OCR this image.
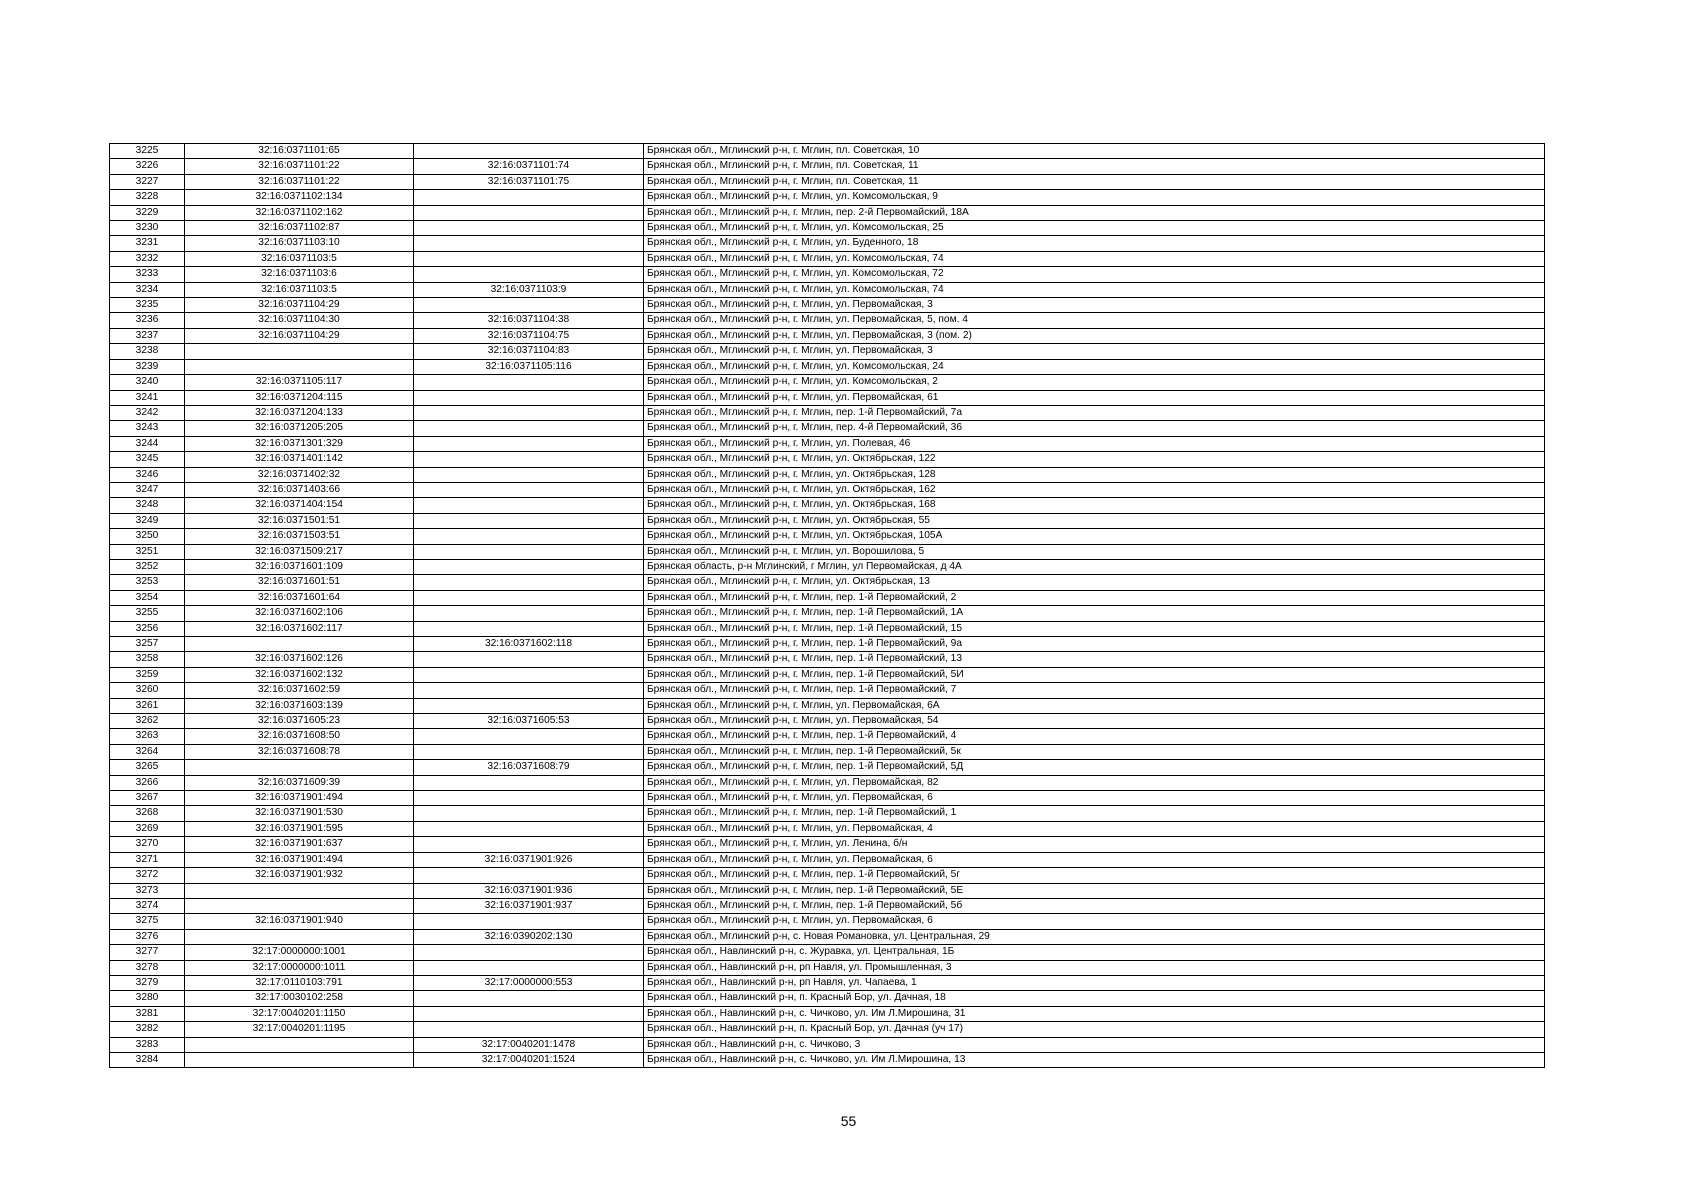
3225	32:16:0371101:65		Брянская обл., Мглинский р-н, г. Мглин, пл. Советская, 10
3226	32:16:0371101:22	32:16:0371101:74	Брянская обл., Мглинский р-н, г. Мглин, пл. Советская, 11
3227	32:16:0371101:22	32:16:0371101:75	Брянская обл., Мглинский р-н, г. Мглин, пл. Советская, 11
3228	32:16:0371102:134		Брянская обл., Мглинский р-н, г. Мглин, ул. Комсомольская, 9
3229	32:16:0371102:162		Брянская обл., Мглинский р-н, г. Мглин, пер. 2-й Первомайский, 18А
3230	32:16:0371102:87		Брянская обл., Мглинский р-н, г. Мглин, ул. Комсомольская, 25
3231	32:16:0371103:10		Брянская обл., Мглинский р-н, г. Мглин, ул. Буденного, 18
3232	32:16:0371103:5		Брянская обл., Мглинский р-н, г. Мглин, ул. Комсомольская, 74
3233	32:16:0371103:6		Брянская обл., Мглинский р-н, г. Мглин, ул. Комсомольская, 72
3234	32:16:0371103:5	32:16:0371103:9	Брянская обл., Мглинский р-н, г. Мглин, ул. Комсомольская, 74
3235	32:16:0371104:29		Брянская обл., Мглинский р-н, г. Мглин, ул. Первомайская, 3
3236	32:16:0371104:30	32:16:0371104:38	Брянская обл., Мглинский р-н, г. Мглин, ул. Первомайская, 5, пом. 4
3237	32:16:0371104:29	32:16:0371104:75	Брянская обл., Мглинский р-н, г. Мглин, ул. Первомайская, 3 (пом. 2)
3238		32:16:0371104:83	Брянская обл., Мглинский р-н, г. Мглин, ул. Первомайская, 3
3239		32:16:0371105:116	Брянская обл., Мглинский р-н, г. Мглин, ул. Комсомольская, 24
3240	32:16:0371105:117		Брянская обл., Мглинский р-н, г. Мглин, ул. Комсомольская, 2
3241	32:16:0371204:115		Брянская обл., Мглинский р-н, г. Мглин, ул. Первомайская, 61
3242	32:16:0371204:133		Брянская обл., Мглинский р-н, г. Мглин, пер. 1-й Первомайский, 7а
3243	32:16:0371205:205		Брянская обл., Мглинский р-н, г. Мглин, пер. 4-й Первомайский, 36
3244	32:16:0371301:329		Брянская обл., Мглинский р-н, г. Мглин, ул. Полевая, 46
3245	32:16:0371401:142		Брянская обл., Мглинский р-н, г. Мглин, ул. Октябрьская, 122
3246	32:16:0371402:32		Брянская обл., Мглинский р-н, г. Мглин, ул. Октябрьская, 128
3247	32:16:0371403:66		Брянская обл., Мглинский р-н, г. Мглин, ул. Октябрьская, 162
3248	32:16:0371404:154		Брянская обл., Мглинский р-н, г. Мглин, ул. Октябрьская, 168
3249	32:16:0371501:51		Брянская обл., Мглинский р-н, г. Мглин, ул. Октябрьская, 55
3250	32:16:0371503:51		Брянская обл., Мглинский р-н, г. Мглин, ул. Октябрьская, 105А
3251	32:16:0371509:217		Брянская обл., Мглинский р-н, г. Мглин, ул. Ворошилова, 5
3252	32:16:0371601:109		Брянская область, р-н Мглинский, г Мглин, ул Первомайская, д 4А
3253	32:16:0371601:51		Брянская обл., Мглинский р-н, г. Мглин, ул. Октябрьская, 13
3254	32:16:0371601:64		Брянская обл., Мглинский р-н, г. Мглин, пер. 1-й Первомайский, 2
3255	32:16:0371602:106		Брянская обл., Мглинский р-н, г. Мглин, пер. 1-й Первомайский, 1А
3256	32:16:0371602:117		Брянская обл., Мглинский р-н, г. Мглин, пер. 1-й Первомайский, 15
3257		32:16:0371602:118	Брянская обл., Мглинский р-н, г. Мглин, пер. 1-й Первомайский, 9а
3258	32:16:0371602:126		Брянская обл., Мглинский р-н, г. Мглин, пер. 1-й Первомайский, 13
3259	32:16:0371602:132		Брянская обл., Мглинский р-н, г. Мглин, пер. 1-й Первомайский, 5И
3260	32:16:0371602:59		Брянская обл., Мглинский р-н, г. Мглин, пер. 1-й Первомайский, 7
3261	32:16:0371603:139		Брянская обл., Мглинский р-н, г. Мглин, ул. Первомайская, 6А
3262	32:16:0371605:23	32:16:0371605:53	Брянская обл., Мглинский р-н, г. Мглин, ул. Первомайская, 54
3263	32:16:0371608:50		Брянская обл., Мглинский р-н, г. Мглин, пер. 1-й Первомайский, 4
3264	32:16:0371608:78		Брянская обл., Мглинский р-н, г. Мглин, пер. 1-й Первомайский, 5к
3265		32:16:0371608:79	Брянская обл., Мглинский р-н, г. Мглин, пер. 1-й Первомайский, 5Д
3266	32:16:0371609:39		Брянская обл., Мглинский р-н, г. Мглин, ул. Первомайская, 82
3267	32:16:0371901:494		Брянская обл., Мглинский р-н, г. Мглин, ул. Первомайская, 6
3268	32:16:0371901:530		Брянская обл., Мглинский р-н, г. Мглин, пер. 1-й Первомайский, 1
3269	32:16:0371901:595		Брянская обл., Мглинский р-н, г. Мглин, ул. Первомайская, 4
3270	32:16:0371901:637		Брянская обл., Мглинский р-н, г. Мглин, ул. Ленина, б/н
3271	32:16:0371901:494	32:16:0371901:926	Брянская обл., Мглинский р-н, г. Мглин, ул. Первомайская, 6
3272	32:16:0371901:932		Брянская обл., Мглинский р-н, г. Мглин, пер. 1-й Первомайский, 5г
3273		32:16:0371901:936	Брянская обл., Мглинский р-н, г. Мглин, пер. 1-й Первомайский, 5Е
3274		32:16:0371901:937	Брянская обл., Мглинский р-н, г. Мглин, пер. 1-й Первомайский, 5б
3275	32:16:0371901:940		Брянская обл., Мглинский р-н, г. Мглин, ул. Первомайская, 6
3276		32:16:0390202:130	Брянская обл., Мглинский р-н, с. Новая Романовка, ул. Центральная, 29
3277	32:17:0000000:1001		Брянская обл., Навлинский р-н, с. Журавка, ул. Центральная, 1Б
3278	32:17:0000000:1011		Брянская обл., Навлинский р-н, рп Навля, ул. Промышленная, 3
3279	32:17:0110103:791	32:17:0000000:553	Брянская обл., Навлинский р-н, рп Навля, ул. Чапаева, 1
3280	32:17:0030102:258		Брянская обл., Навлинский р-н, п. Красный Бор, ул. Дачная, 18
3281	32:17:0040201:1150		Брянская обл., Навлинский р-н, с. Чичково, ул. Им Л.Мирошина, 31
3282	32:17:0040201:1195		Брянская обл., Навлинский р-н, п. Красный Бор, ул. Дачная (уч 17)
3283		32:17:0040201:1478	Брянская обл., Навлинский р-н, с. Чичково, 3
3284		32:17:0040201:1524	Брянская обл., Навлинский р-н, с. Чичково, ул. Им Л.Мирошина, 13
55
